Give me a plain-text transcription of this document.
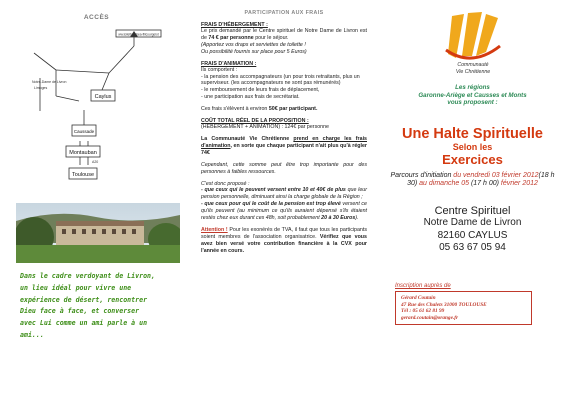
ACCÈS
ww.toilettesdsea-fillcourgelot
Notre-Dame de Livron
Limoges
Caylus
Caussade
Montauban
Toulouse
A20
Dans le cadre verdoyant de Livron,
un lieu idéal pour vivre une
expérience de désert, rencontrer
Dieu face à face, et converser
avec Lui comme un ami parle à un
ami...
PARTICIPATION AUX FRAIS
FRAIS D'HÉBERGEMENT :

Le prix demandé par le Centre spirituel de Notre Dame de Livron est de 74 € par personne pour le séjour.
(Apportez vos draps et serviettes de toilette !
Ou possibilité fournis sur place pour 5 Euros)

FRAIS D'ANIMATION :
Ils comportent :
- la pension des accompagnateurs (un pour trois retraitants, plus un superviseur. (les accompagnateurs ne sont pas rémunérés)
- le remboursement de leurs frais de déplacement,
- une participation aux frais de secrétariat.

Ces frais s'élèvent à environ 50€ par participant.

COÛT TOTAL RÉEL DE LA PROPOSITION :

(HÉBERGEMENT + ANIMATION) : 124€ par personne

La Communauté Vie Chrétienne prend en charge les frais d'animation, en sorte que chaque participant n'ait plus qu'à régler 74€

Cependant, cette somme peut être trop importante pour des personnes à faibles ressources.

C'est donc proposé :

- que ceux qui le peuvent versent entre 10 et 40€ de plus que leur pension personnelle, diminuant ainsi la charge globale de la Région ;

- que ceux pour qui le coût de la pension est trop élevé versent ce qu'ils peuvent (au minimum ce qu'ils auraient dépensé s'ils étaient restés chez eux durant ces 48h, soit probablement 20 à 30 Euros).

Attention ! Pour les exonérés de TVA, il faut que tous les participants soient membres de l'association organisatrice. Vérifiez que vous avez bien versé votre contribution financière à la CVX pour l'année en cours.

Communauté
Vie Chrétienne
Les régions
Garonne-Ariège et Causses et Monts
vous proposent :
Une Halte Spirituelle
Selon les
Exercices
Parcours d'initiation du vendredi 03 février 2012(18 h 30) au dimanche 05 (17 h 00) février 2012
Centre Spirituel
Notre Dame de Livron
82160 CAYLUS
05 63 67 05 94
Inscription auprès de
Gérard Coutain
47 Rue des Chalets 31000 TOULOUSE
Tél : 05 61 62 81 99
gerard.coutain@orange.fr
